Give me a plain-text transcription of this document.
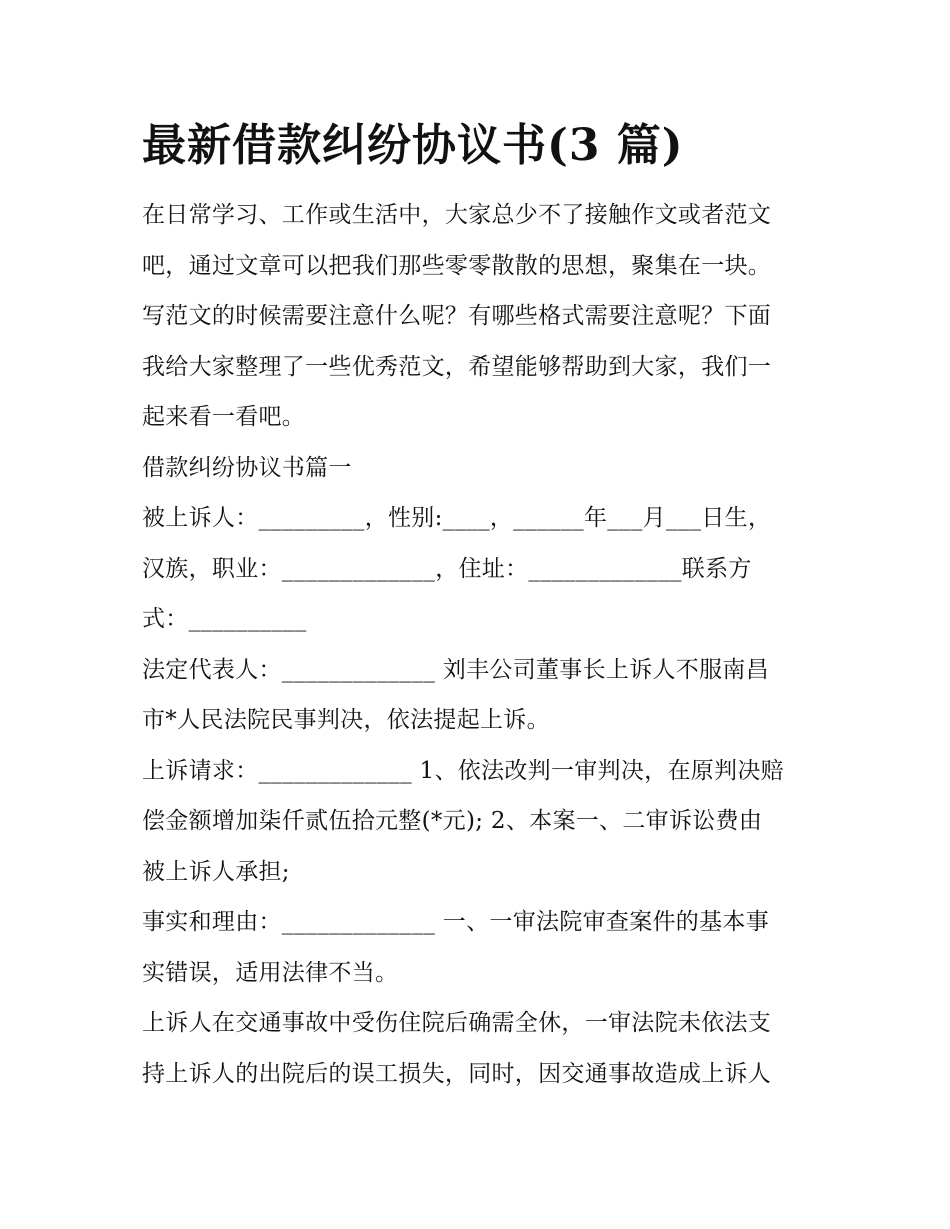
最新借款纠纷协议书(3 篇)

在日常学习、工作或生活中，大家总少不了接触作文或者范文
吧，通过文章可以把我们那些零零散散的思想，聚集在一块。
写范文的时候需要注意什么呢？有哪些格式需要注意呢？下面
我给大家整理了一些优秀范文，希望能够帮助到大家，我们一
起来看一看吧。

借款纠纷协议书篇一

被上诉人：_________，性别:____，______年___月___日生，
汉族，职业：_____________，住址：_____________联系方
式：__________

法定代表人：_____________ 刘丰公司董事长上诉人不服南昌
市*人民法院民事判决，依法提起上诉。

上诉请求：_____________ 1、依法改判一审判决，在原判决赔
偿金额增加柒仟贰伍拾元整(*元); 2、本案一、二审诉讼费由
被上诉人承担;

事实和理由：_____________ 一、一审法院审查案件的基本事
实错误，适用法律不当。

上诉人在交通事故中受伤住院后确需全休，一审法院未依法支
持上诉人的出院后的误工损失，同时，因交通事故造成上诉人
